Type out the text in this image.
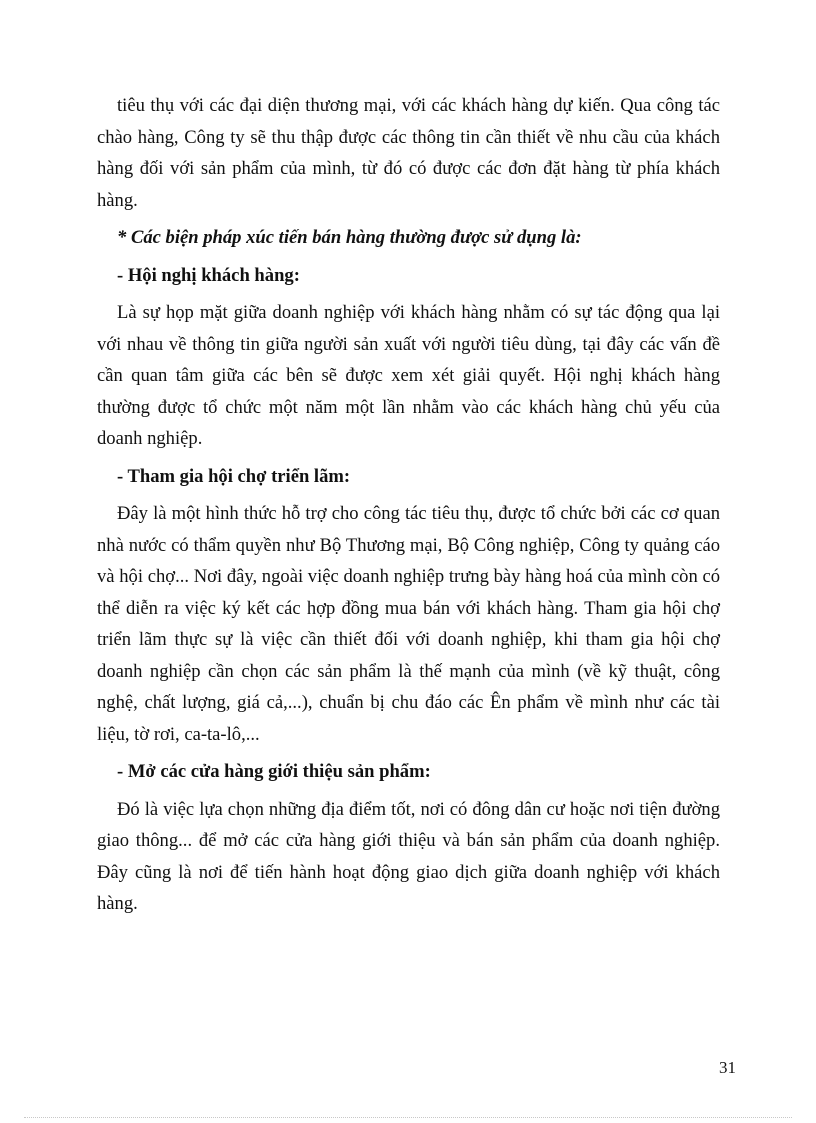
tiêu thụ với các đại diện thương mại, với các khách hàng dự kiến. Qua công tác chào hàng, Công ty sẽ thu thập được các thông tin cần thiết về nhu cầu của khách hàng đối với sản phẩm của mình, từ đó có được các đơn đặt hàng từ phía khách hàng.

* Các biện pháp xúc tiến bán hàng thường được sử dụng là:

- Hội nghị khách hàng:

Là sự họp mặt giữa doanh nghiệp với khách hàng nhằm có sự tác động qua lại với nhau về thông tin giữa người sản xuất với người tiêu dùng, tại đây các vấn đề cần quan tâm giữa các bên sẽ được xem xét giải quyết. Hội nghị khách hàng thường được tổ chức một năm một lần nhằm vào các khách hàng chủ yếu của doanh nghiệp.

- Tham gia hội chợ triển lãm:

Đây là một hình thức hỗ trợ cho công tác tiêu thụ, được tổ chức bởi các cơ quan nhà nước có thẩm quyền như Bộ Thương mại, Bộ Công nghiệp, Công ty quảng cáo và hội chợ... Nơi đây, ngoài việc doanh nghiệp trưng bày hàng hoá của mình còn có thể diễn ra việc ký kết các hợp đồng mua bán với khách hàng. Tham gia hội chợ triển lãm thực sự là việc cần thiết đối với doanh nghiệp, khi tham gia hội chợ doanh nghiệp cần chọn các sản phẩm là thế mạnh của mình (về kỹ thuật, công nghệ, chất lượng, giá cả,...), chuẩn bị chu đáo các Ên phẩm về mình như các tài liệu, tờ rơi, ca-ta-lô,...

- Mở các cửa hàng giới thiệu sản phẩm:

Đó là việc lựa chọn những địa điểm tốt, nơi có đông dân cư hoặc nơi tiện đường giao thông... để mở các cửa hàng giới thiệu và bán sản phẩm của doanh nghiệp. Đây cũng là nơi để tiến hành hoạt động giao dịch giữa doanh nghiệp với khách hàng.

31
